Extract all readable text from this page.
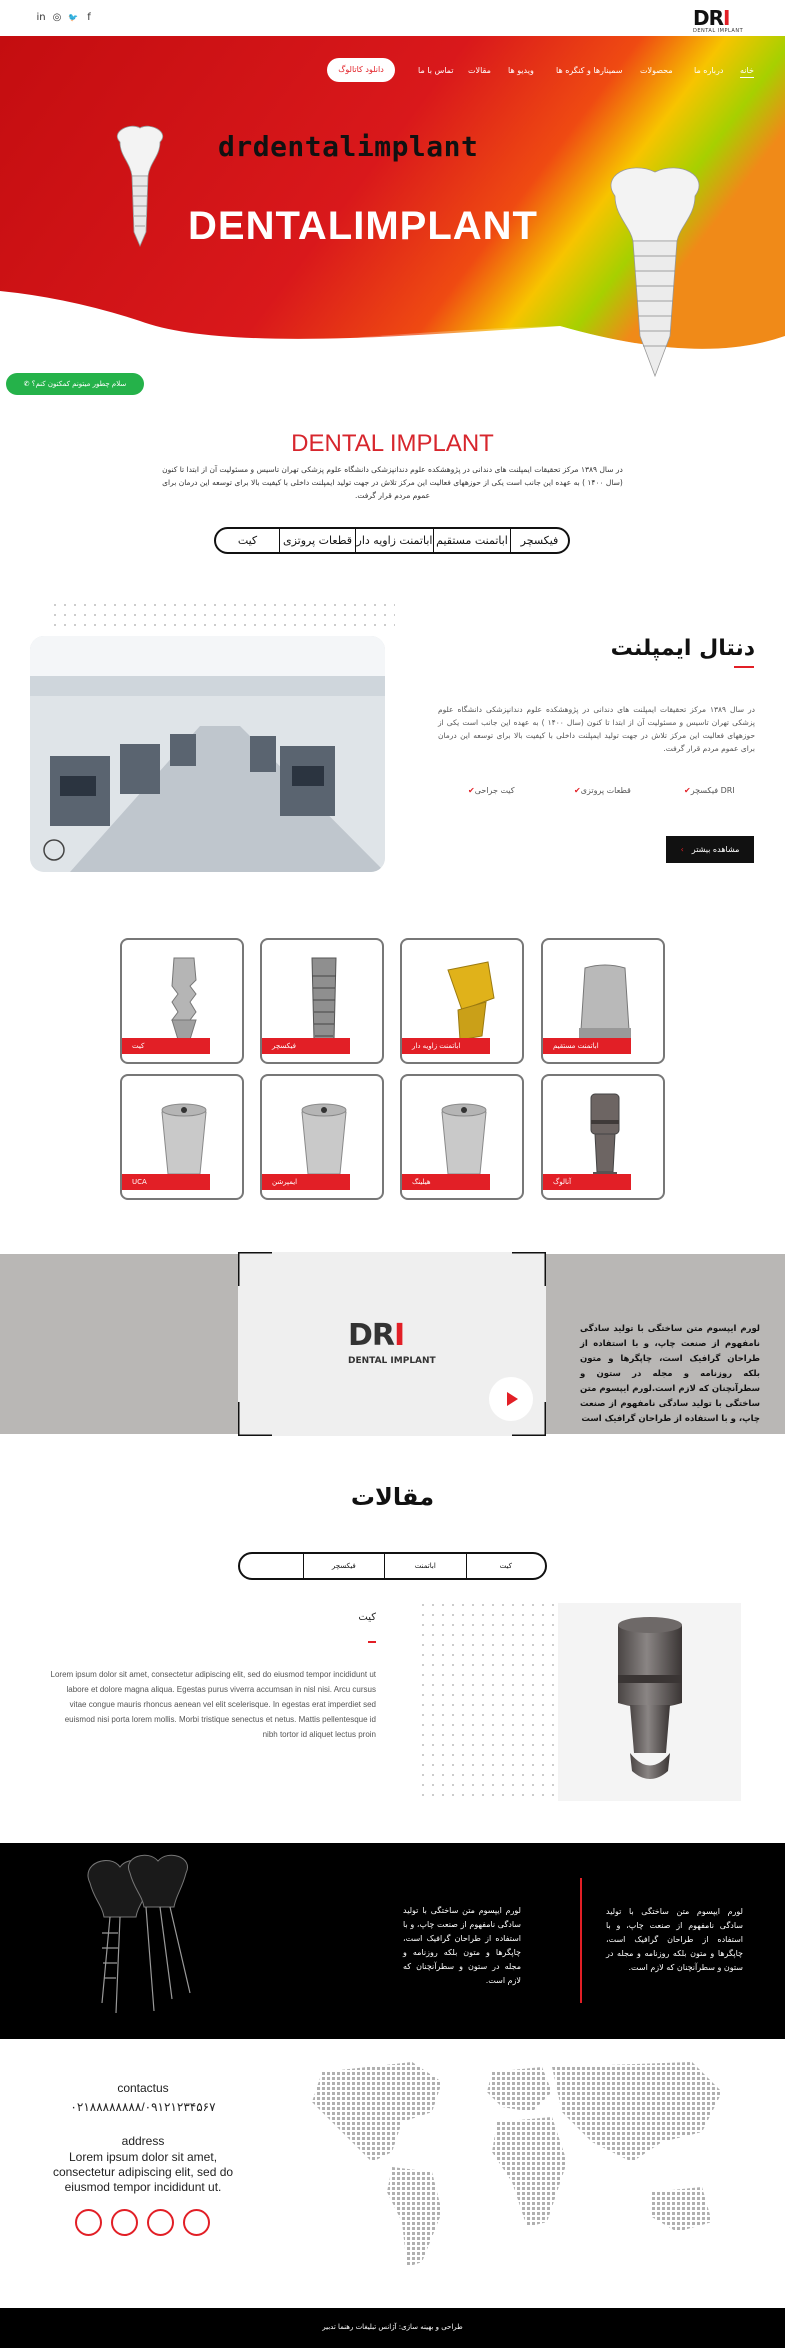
in ◎ 🐦 f	DRI
DENTAL IMPLANT
خانه
درباره ما
محصولات
سمینارها و کنگره ها
ویدیو ها
مقالات
تماس با ما
دانلود کاتالوگ
drdentalimplant
DENTALIMPLANT
✆ سلام چطور میتونم کمکتون کنم؟
DENTAL IMPLANT
در سال ۱۳۸۹ مرکز تحقیقات ایمپلنت های دندانی در پژوهشکده علوم دندانپزشکی دانشگاه علوم پزشکی تهران تاسیس و مسئولیت آن از ابتدا تا کنون (سال ۱۴۰۰ ) به عهده این جانب است یکی از حوزههای فعالیت این مرکز تلاش در جهت تولید ایمپلنت داخلی با کیفیت بالا برای توسعه این درمان برای عموم مردم قرار گرفت.
فیکسچر
اباتمنت مستقیم
اباتمنت زاویه دار
قطعات پروتزی
کیت
دنتال ایمپلنت
در سال ۱۳۸۹ مرکز تحقیقات ایمپلنت های دندانی در پژوهشکده علوم دندانپزشکی دانشگاه علوم پزشکی تهران تاسیس و مسئولیت آن از ابتدا تا کنون (سال ۱۴۰۰ ) به عهده این جانب است یکی از حوزههای فعالیت این مرکز تلاش در جهت تولید ایمپلنت داخلی با کیفیت بالا برای توسعه این درمان برای عموم مردم قرار گرفت.
✔فیکسچر DRI
✔قطعات پروتزی
✔کیت جراحی
‹ مشاهده بیشتر
اباتمنت مستقیم
اباتمنت زاویه دار
فیکسچر
کیت
آنالوگ
هیلینگ
ایمپرشن
UCA
DRI
DENTAL IMPLANT
لورم ایپسوم متن ساختگی با تولید سادگی نامفهوم از صنعت چاپ، و با استفاده از طراحان گرافیک است، چاپگرها و متون بلکه روزنامه و مجله در ستون و سطرآنچنان که لازم است.لورم ایپسوم متن ساختگی با تولید سادگی نامفهوم از صنعت چاپ، و با استفاده از طراحان گرافیک است
مقالات
کیت
اباتمنت
فیکسچر
کیت
Lorem ipsum dolor sit amet, consectetur adipiscing elit, sed do eiusmod tempor incididunt ut labore et dolore magna aliqua. Egestas purus viverra accumsan in nisl nisi. Arcu cursus vitae congue mauris rhoncus aenean vel elit scelerisque. In egestas erat imperdiet sed euismod nisi porta lorem mollis. Morbi tristique senectus et netus. Mattis pellentesque id nibh tortor id aliquet lectus proin
لورم ایپسوم متن ساختگی با تولید سادگی نامفهوم از صنعت چاپ، و با استفاده از طراحان گرافیک است، چاپگرها و متون بلکه روزنامه و مجله در ستون و سطرآنچنان که لازم است.
لورم ایپسوم متن ساختگی با تولید سادگی نامفهوم از صنعت چاپ، و با استفاده از طراحان گرافیک است، چاپگرها و متون بلکه روزنامه و مجله در ستون و سطرآنچنان که لازم است.
contactus
۰۲۱۸۸۸۸۸۸۸۸/۰۹۱۲۱۲۳۴۵۶۷
address
Lorem ipsum dolor sit amet, consectetur adipiscing elit, sed do eiusmod tempor incididunt ut.
طراحی و بهینه سازی: آژانس تبلیغات رهنما تدبیر
